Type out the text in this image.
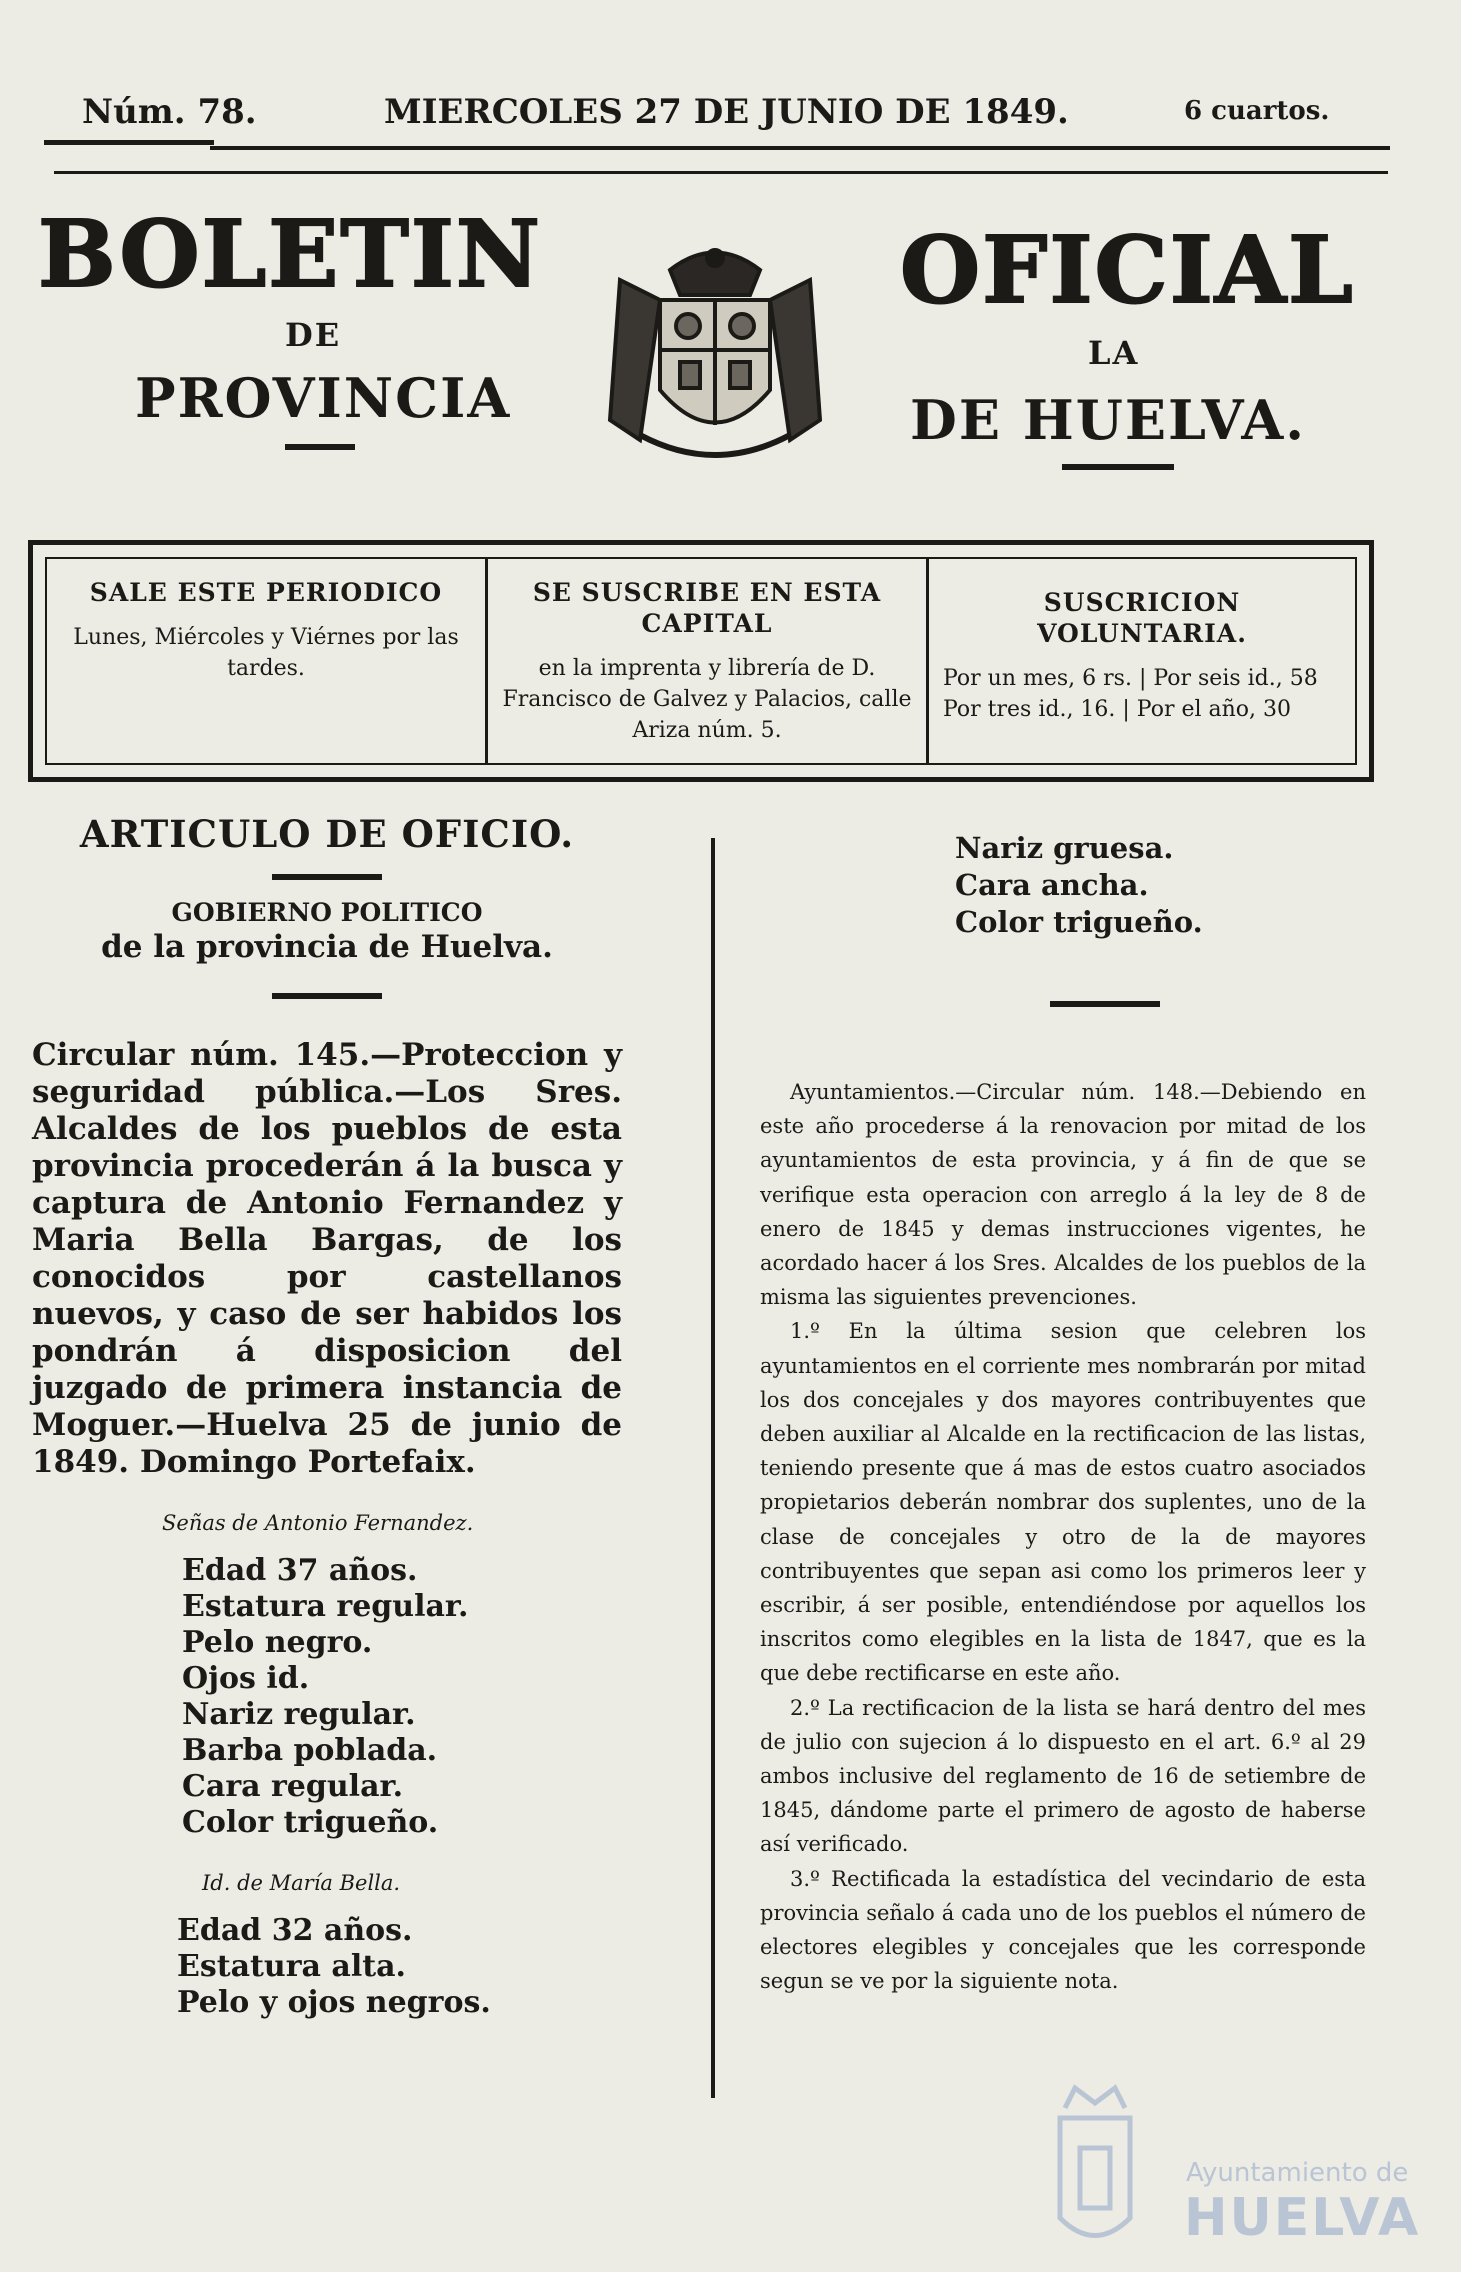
Núm. 78.	MIERCOLES 27 DE JUNIO DE 1849.	6 cuartos.
BOLETIN
DE
PROVINCIA
OFICIAL
LA
DE HUELVA.
SALE ESTE PERIODICO
Lunes, Miércoles y Viérnes por las tardes.
SE SUSCRIBE EN ESTA CAPITAL
en la imprenta y librería de D. Francisco de Galvez y Palacios, calle Ariza núm. 5.
SUSCRICION VOLUNTARIA.
Por un mes, 6 rs. | Por seis id., 58
Por tres id., 16. | Por el año, 30
ARTICULO DE OFICIO.
GOBIERNO POLITICO
de la provincia de Huelva.
Circular núm. 145.—Proteccion y seguridad pública.—Los Sres. Alcaldes de los pueblos de esta provincia procederán á la busca y captura de Antonio Fernandez y Maria Bella Bargas, de los conocidos por castellanos nuevos, y caso de ser habidos los pondrán á disposicion del juzgado de primera instancia de Moguer.—Huelva 25 de junio de 1849. Domingo Portefaix.
Señas de Antonio Fernandez.
Edad 37 años.
Estatura regular.
Pelo negro.
Ojos id.
Nariz regular.
Barba poblada.
Cara regular.
Color trigueño.
Id. de María Bella.
Edad 32 años.
Estatura alta.
Pelo y ojos negros.
Nariz gruesa.
Cara ancha.
Color trigueño.

Ayuntamientos.—Circular núm. 148.—Debiendo en este año procederse á la renovacion por mitad de los ayuntamientos de esta provincia, y á fin de que se verifique esta operacion con arreglo á la ley de 8 de enero de 1845 y demas instrucciones vigentes, he acordado hacer á los Sres. Alcaldes de los pueblos de la misma las siguientes prevenciones.

1.º En la última sesion que celebren los ayuntamientos en el corriente mes nombrarán por mitad los dos concejales y dos mayores contribuyentes que deben auxiliar al Alcalde en la rectificacion de las listas, teniendo presente que á mas de estos cuatro asociados propietarios deberán nombrar dos suplentes, uno de la clase de concejales y otro de la de mayores contribuyentes que sepan asi como los primeros leer y escribir, á ser posible, entendiéndose por aquellos los inscritos como elegibles en la lista de 1847, que es la que debe rectificarse en este año.

2.º La rectificacion de la lista se hará dentro del mes de julio con sujecion á lo dispuesto en el art. 6.º al 29 ambos inclusive del reglamento de 16 de setiembre de 1845, dándome parte el primero de agosto de haberse así verificado.

3.º Rectificada la estadística del vecindario de esta provincia señalo á cada uno de los pueblos el número de electores elegibles y concejales que les corresponde segun se ve por la siguiente nota.

Ayuntamiento de
HUELVA
